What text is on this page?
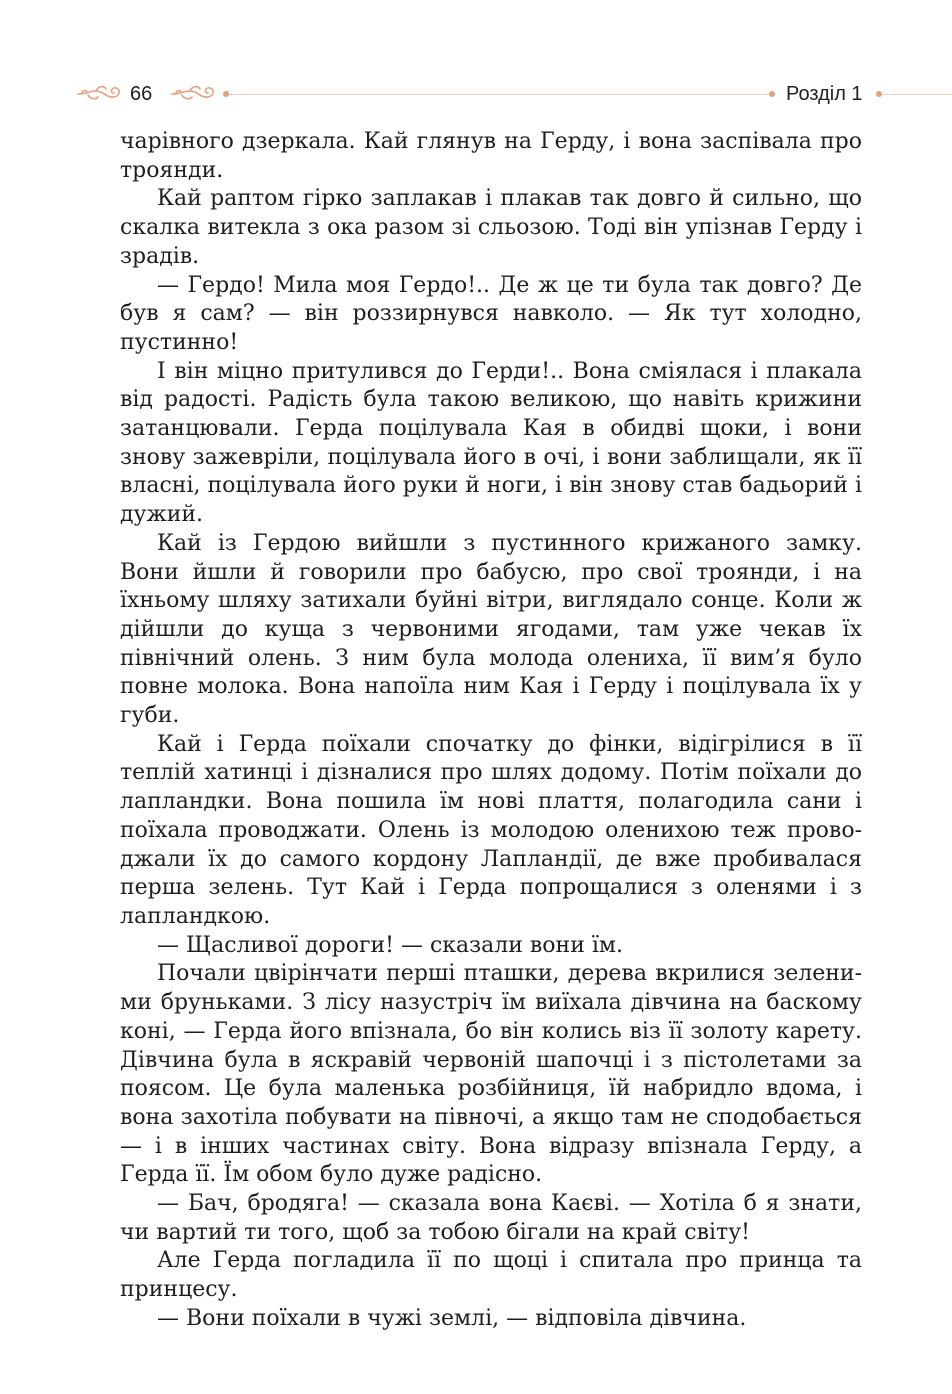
66	Розділ 1

чарівного дзеркала. Кай глянув на Герду, і вона заспівала про троянди.

Кай раптом гірко заплакав і плакав так довго й сильно, що скалка витекла з ока разом зі сльозою. Тоді він упізнав Герду і зрадів.

— Гердо! Мила моя Гердо!.. Де ж це ти була так довго? Де був я сам? — він роззирнувся навколо. — Як тут холодно, пустинно!

І він міцно притулився до Герди!.. Вона сміялася і плакала від радості. Радість була такою великою, що навіть крижини затанцювали. Герда поцілувала Кая в обидві щоки, і вони знову зажевріли, поцілувала його в очі, і вони заблищали, як її власні, поцілувала його руки й ноги, і він знову став бадьорий і дужий.

Кай із Гердою вийшли з пустинного крижаного замку. Вони йшли й говорили про бабусю, про свої троянди, і на їхньому шляху затихали буйні вітри, виглядало сонце. Коли ж дійшли до куща з червоними ягодами, там уже чекав їх північний олень. З ним була молода олениха, її вим’я було повне молока. Вона напоїла ним Кая і Герду і поцілувала їх у губи.

Кай і Герда поїхали спочатку до фінки, відігрілися в її теплій хатинці і дізналися про шлях додому. Потім поїхали до лапландки. Вона пошила їм нові плаття, полагодила сани і поїхала проводжати. Олень із молодою оленихою теж проводжали їх до самого кордону Лапландії, де вже пробивалася перша зелень. Тут Кай і Герда попрощалися з оленями і з лапландкою.

— Щасливої дороги! — сказали вони їм.

Почали цвірінчати перші пташки, дерева вкрилися зеленими бруньками. З лісу назустріч їм виїхала дівчина на баскому коні, — Герда його впізнала, бо він колись віз її золоту карету. Дівчина була в яскравій червоній шапочці і з пістолетами за поясом. Це була маленька розбійниця, їй набридло вдома, і вона захотіла побувати на півночі, а якщо там не сподобається — і в інших частинах світу. Вона відразу впізнала Герду, а Герда її. Їм обом було дуже радісно.

— Бач, бродяга! — сказала вона Каєві. — Хотіла б я знати, чи вартий ти того, щоб за тобою бігали на край світу!

Але Герда погладила її по щоці і спитала про принца та принцесу.

— Вони поїхали в чужі землі, — відповіла дівчина.
